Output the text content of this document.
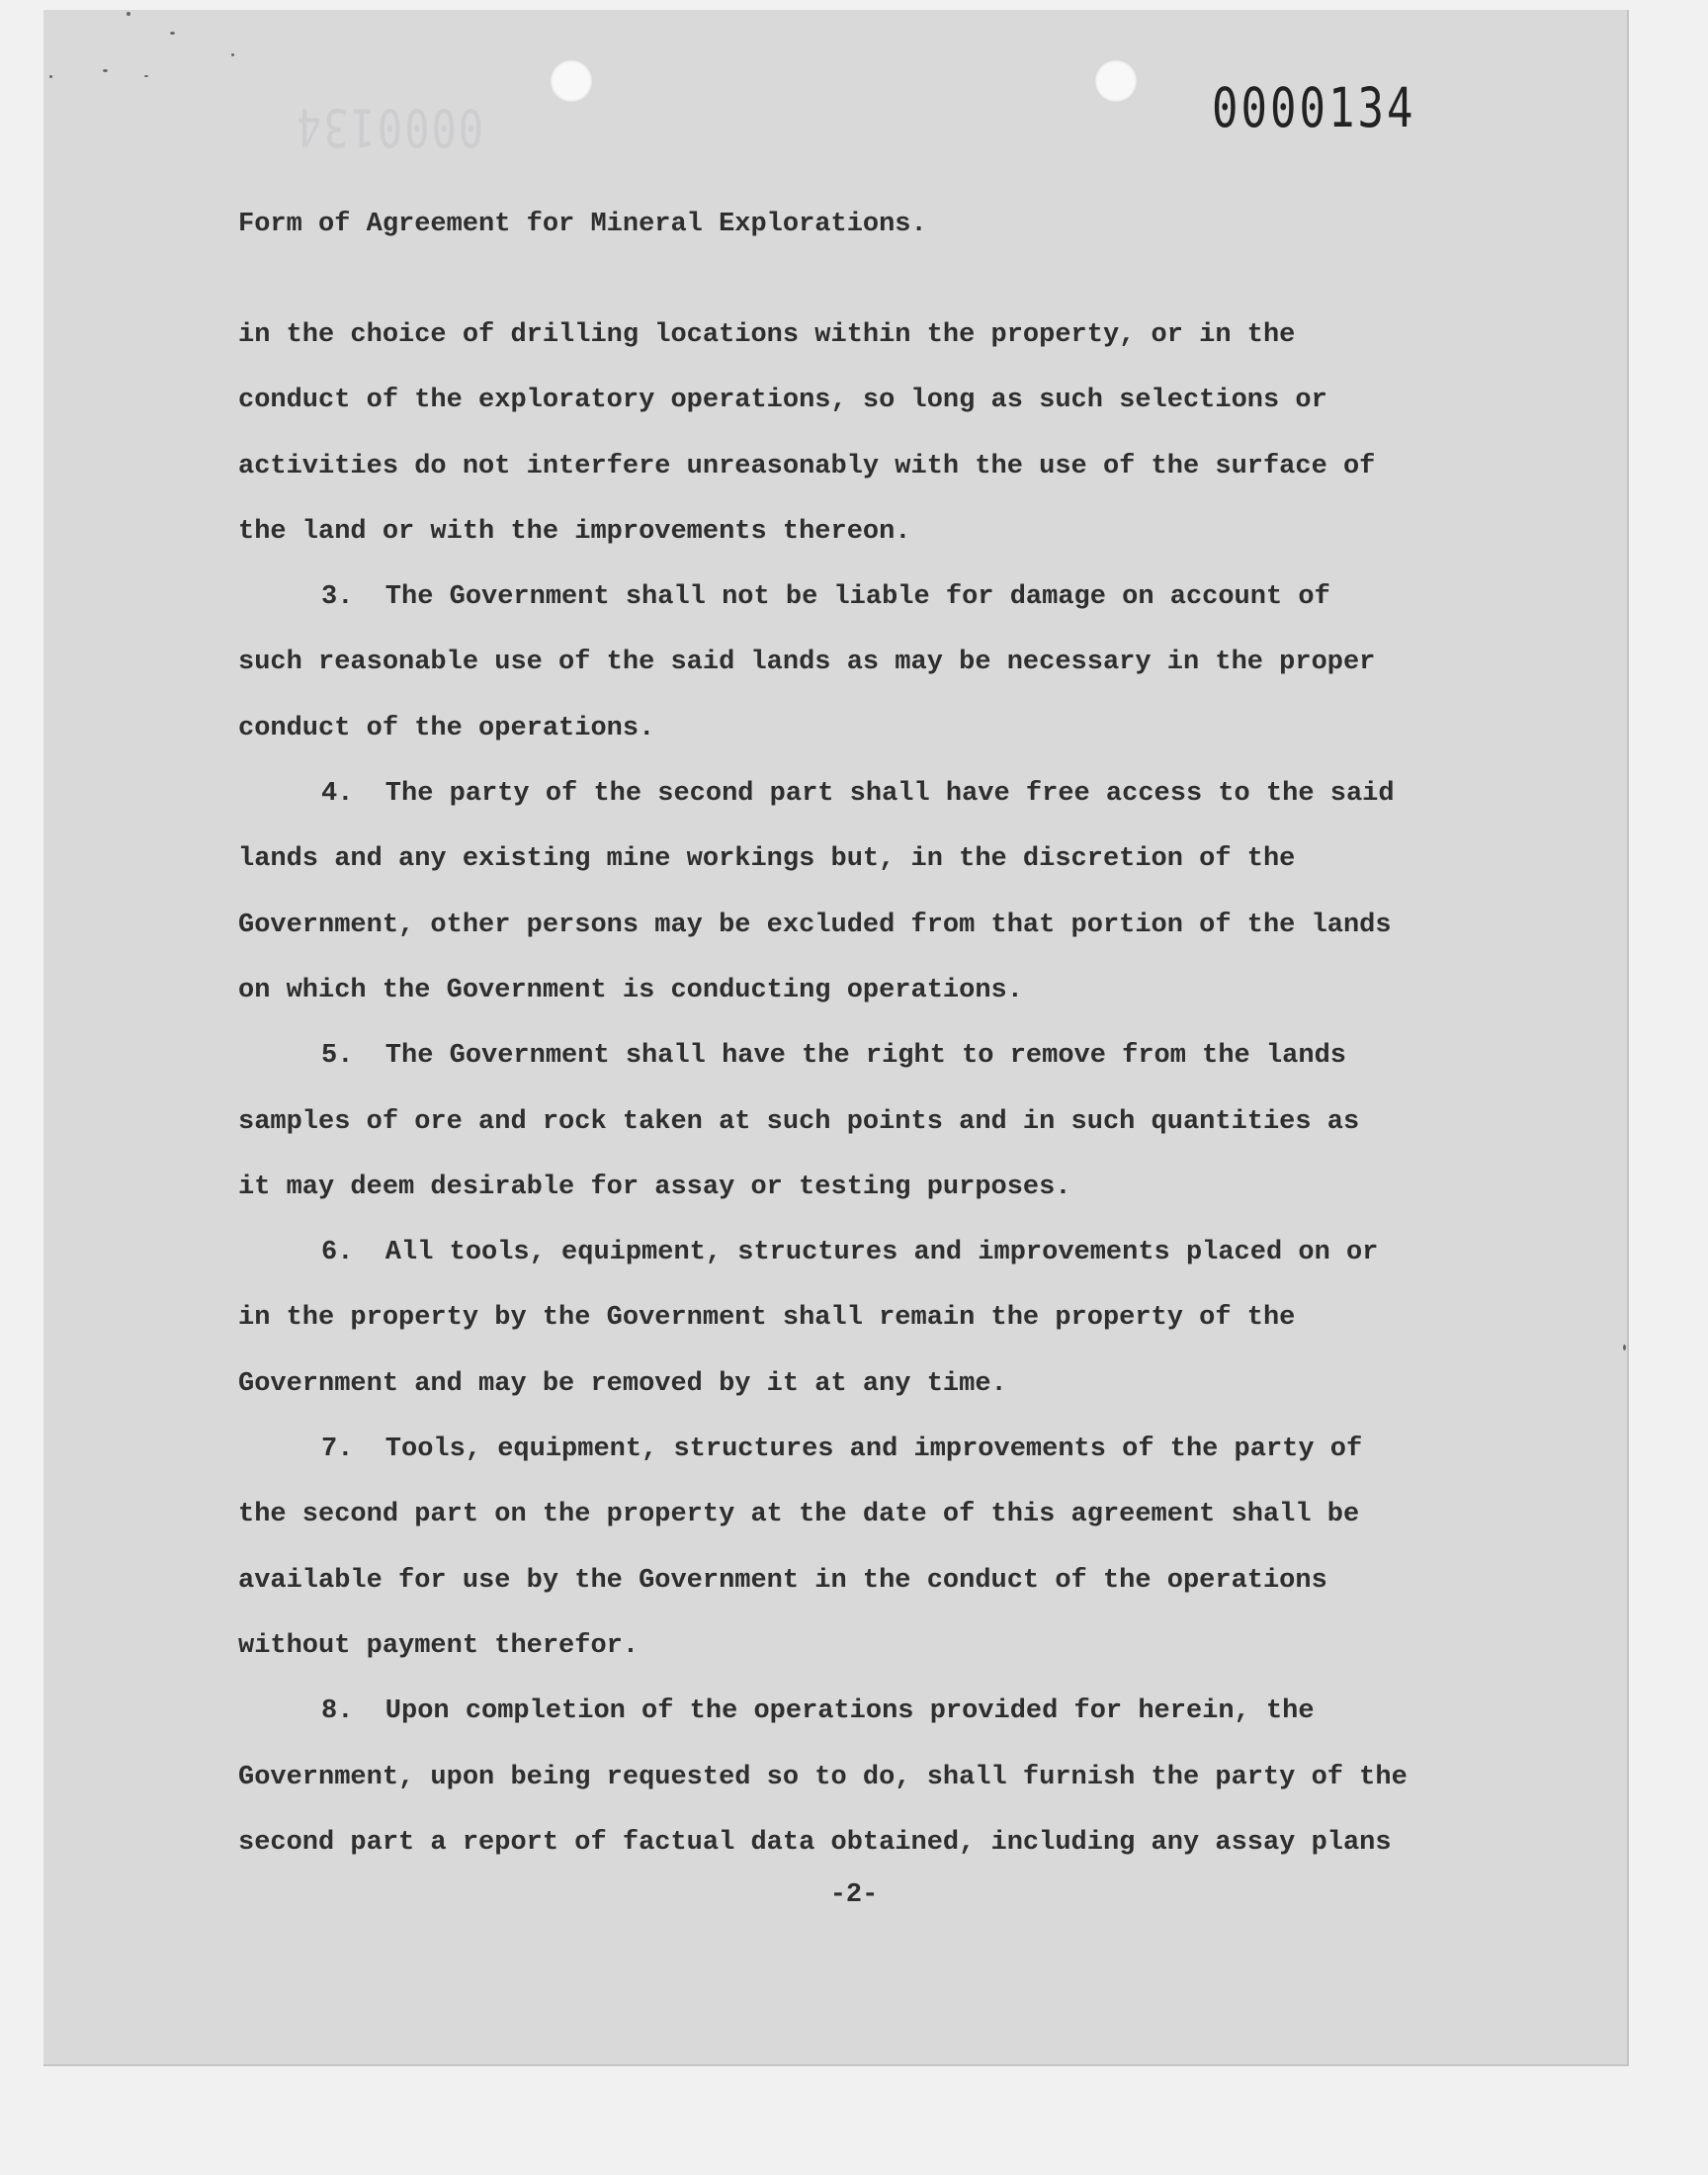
0000134	0000134
Form of Agreement for Mineral Explorations.
in the choice of drilling locations within the property, or in the
conduct of the exploratory operations, so long as such selections or
activities do not interfere unreasonably with the use of the surface of
the land or with the improvements thereon.
3.  The Government shall not be liable for damage on account of
such reasonable use of the said lands as may be necessary in the proper
conduct of the operations.
4.  The party of the second part shall have free access to the said
lands and any existing mine workings but, in the discretion of the
Government, other persons may be excluded from that portion of the lands
on which the Government is conducting operations.
5.  The Government shall have the right to remove from the lands
samples of ore and rock taken at such points and in such quantities as
it may deem desirable for assay or testing purposes.
6.  All tools, equipment, structures and improvements placed on or
in the property by the Government shall remain the property of the
Government and may be removed by it at any time.
7.  Tools, equipment, structures and improvements of the party of
the second part on the property at the date of this agreement shall be
available for use by the Government in the conduct of the operations
without payment therefor.
8.  Upon completion of the operations provided for herein, the
Government, upon being requested so to do, shall furnish the party of the
second part a report of factual data obtained, including any assay plans
-2-
